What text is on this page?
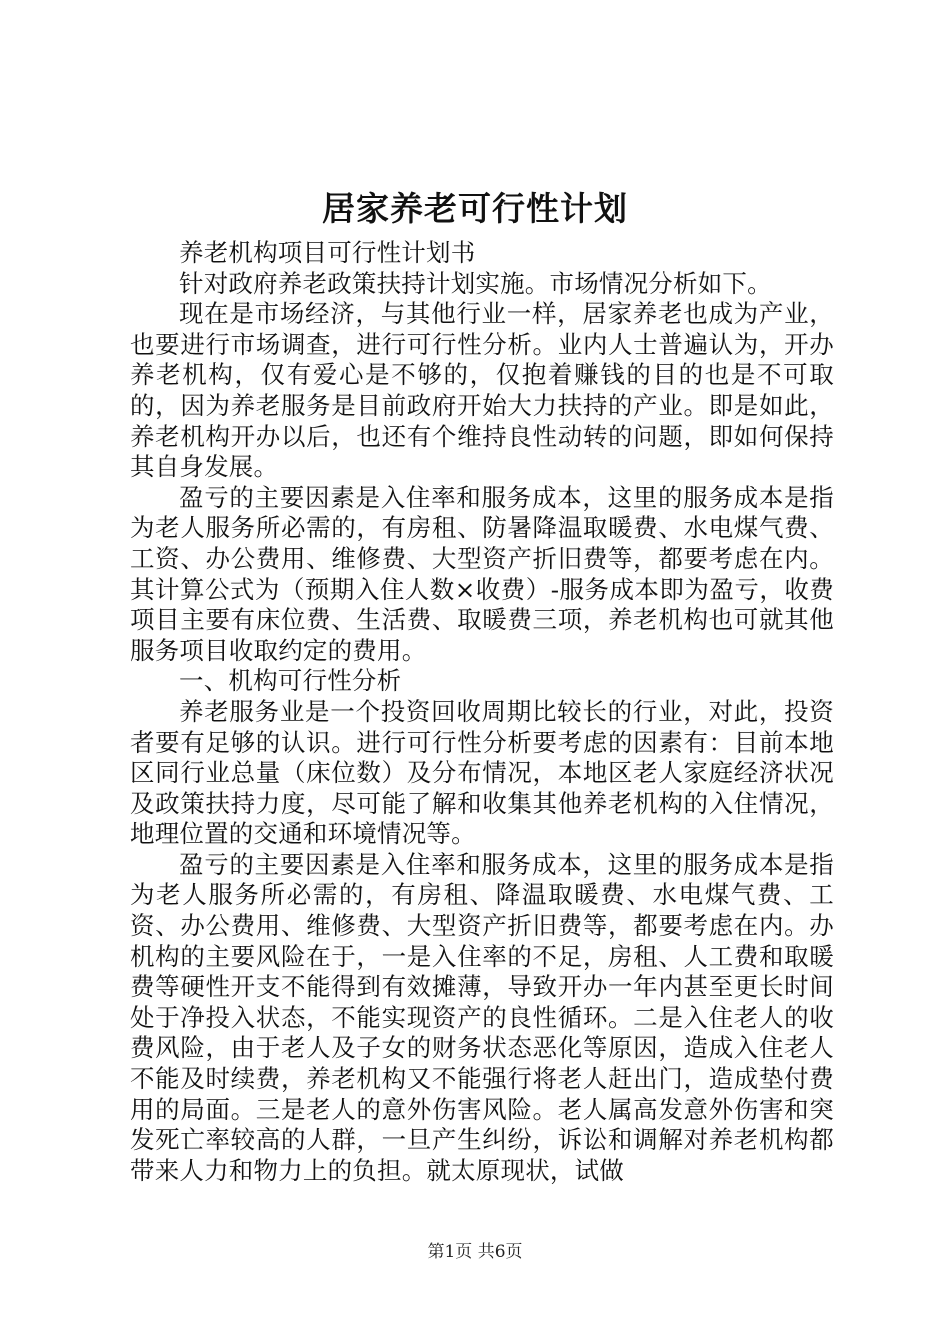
居家养老可行性计划

养老机构项目可行性计划书

针对政府养老政策扶持计划实施。市场情况分析如下。

现在是市场经济，与其他行业一样，居家养老也成为产业，也要进行市场调查，进行可行性分析。业内人士普遍认为，开办养老机构，仅有爱心是不够的，仅抱着赚钱的目的也是不可取的，因为养老服务是目前政府开始大力扶持的产业。即是如此，养老机构开办以后，也还有个维持良性动转的问题，即如何保持其自身发展。

盈亏的主要因素是入住率和服务成本，这里的服务成本是指为老人服务所必需的，有房租、防暑降温取暖费、水电煤气费、工资、办公费用、维修费、大型资产折旧费等，都要考虑在内。其计算公式为（预期入住人数×收费）-服务成本即为盈亏，收费项目主要有床位费、生活费、取暖费三项，养老机构也可就其他服务项目收取约定的费用。

一、机构可行性分析

养老服务业是一个投资回收周期比较长的行业，对此，投资者要有足够的认识。进行可行性分析要考虑的因素有：目前本地区同行业总量（床位数）及分布情况，本地区老人家庭经济状况及政策扶持力度，尽可能了解和收集其他养老机构的入住情况，地理位置的交通和环境情况等。

盈亏的主要因素是入住率和服务成本，这里的服务成本是指为老人服务所必需的，有房租、降温取暖费、水电煤气费、工资、办公费用、维修费、大型资产折旧费等，都要考虑在内。办机构的主要风险在于，一是入住率的不足，房租、人工费和取暖费等硬性开支不能得到有效摊薄，导致开办一年内甚至更长时间处于净投入状态，不能实现资产的良性循环。二是入住老人的收费风险，由于老人及子女的财务状态恶化等原因，造成入住老人不能及时续费，养老机构又不能强行将老人赶出门，造成垫付费用的局面。三是老人的意外伤害风险。老人属高发意外伤害和突发死亡率较高的人群，一旦产生纠纷，诉讼和调解对养老机构都带来人力和物力上的负担。就太原现状，试做

第1页 共6页
